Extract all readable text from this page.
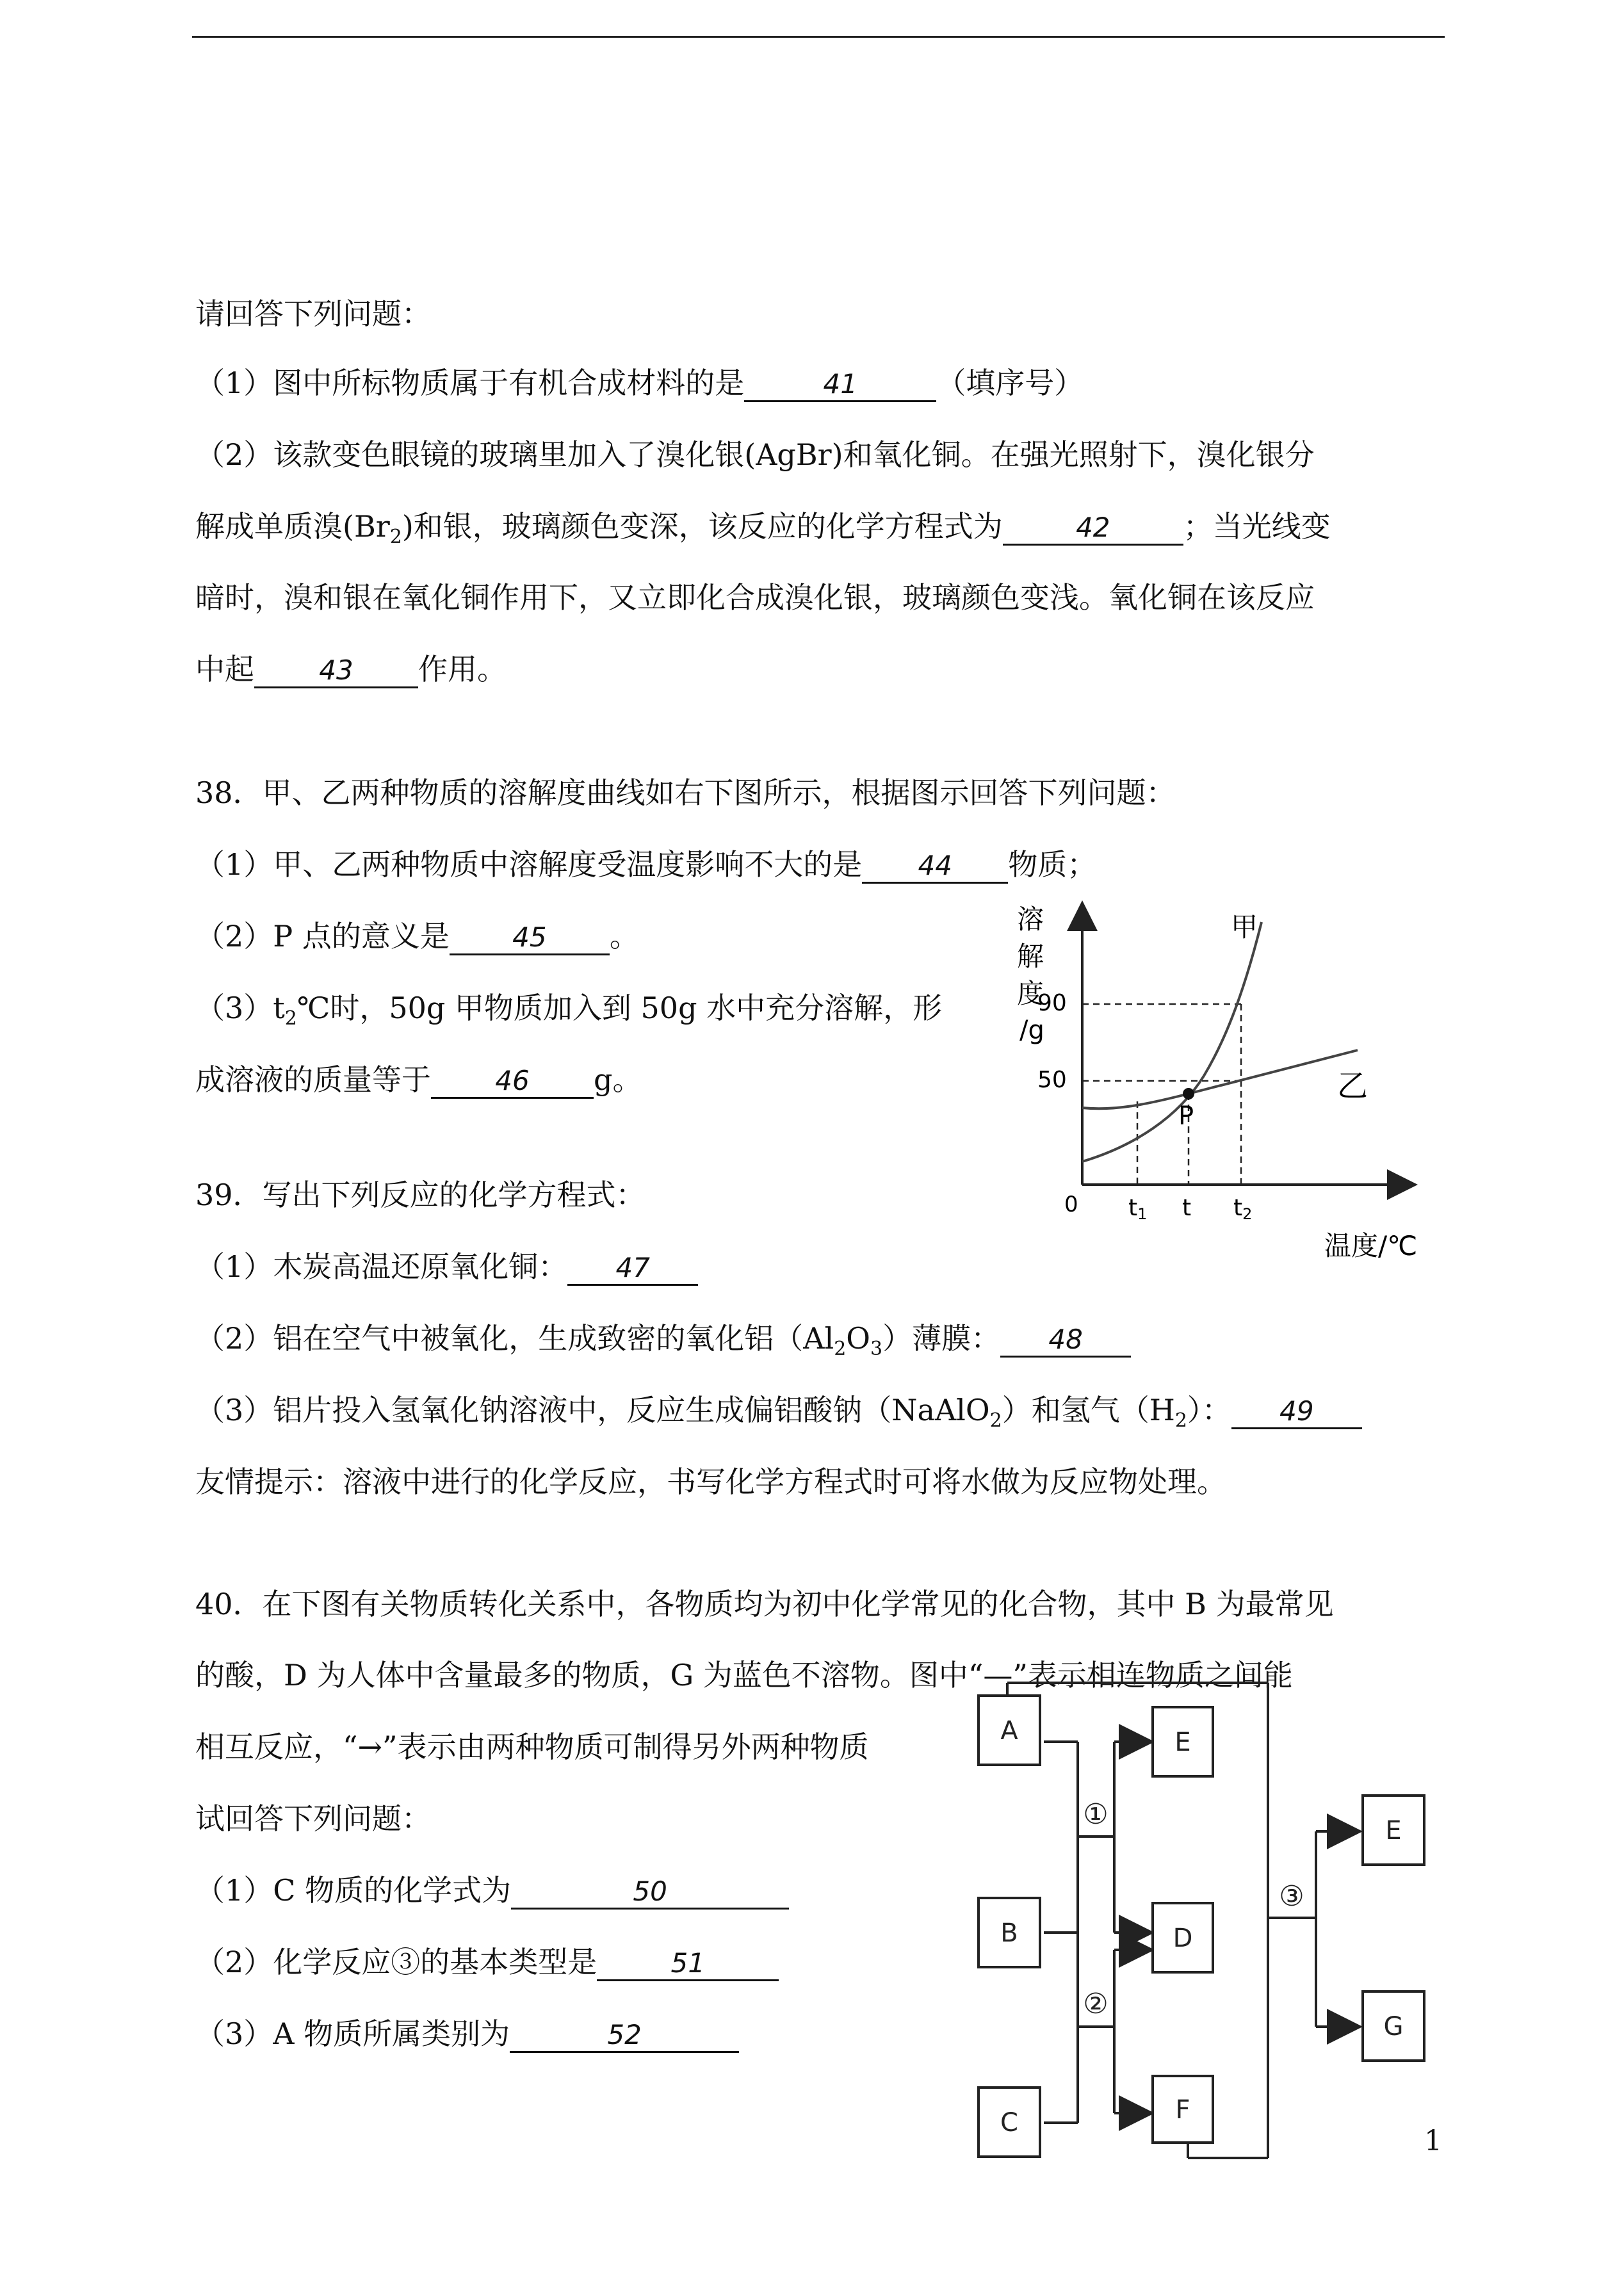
请回答下列问题：
（1）图中所标物质属于有机合成材料的是	41	（填序号）
（2）该款变色眼镜的玻璃里加入了溴化银(AgBr)和氧化铜。在强光照射下，溴化银分
解成单质溴$(Br_2)$和银，玻璃颜色变深，该反应的化学方程式为	42 ；当光线变
暗时，溴和银在氧化铜作用下，又立即化合成溴化银，玻璃颜色变浅。氧化铜在该反应
中起 43 作用。
38．甲、乙两种物质的溶解度曲线如右下图所示，根据图示回答下列问题：
（1）甲、乙两种物质中溶解度受温度影响不大的是 44 物质；
（2）P 点的意义是 45 。
$(3)t_2℃$时，50g 甲物质加入到 50g 水中充分溶解，形
成溶液的质量等于 46 g。
溶
解
度
/g
90
50
0
P
甲
乙
t1 t t2
温度/℃
39．写出下列反应的化学方程式：
（1）木炭高温还原氧化铜： 47
（2）铝在空气中被氧化，生成致密的氧化铝$(Al_2O_3)$薄膜： 48
（3）铝片投入氢氧化钠溶液中，反应生成偏铝酸钠（NaAlO$_2$）和氢气$(H_2)$： 49
友情提示：溶液中进行的化学反应，书写化学方程式时可将水做为反应物处理。
40．在下图有关物质转化关系中，各物质均为初中化学常见的化合物，其中 B 为最常见
的酸，D 为人体中含量最多的物质，G 为蓝色不溶物。图中“—”表示相连物质之间能
相互反应，“→”表示由两种物质可制得另外两种物质
试回答下列问题：
（1）C 物质的化学式为	50
（2）化学反应③的基本类型是	51
（3）A 物质所属类别为	52
A
B
C
E
D
F
E
G
①
②
③
1
